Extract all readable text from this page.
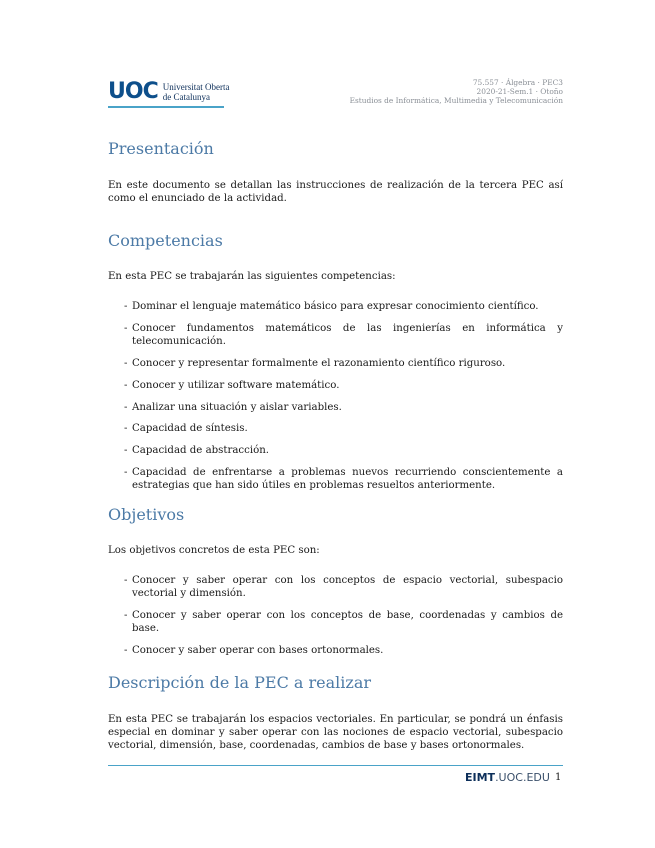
UOC Universitat Oberta
de Catalunya
75.557 · Álgebra · PEC3
2020-21-Sem.1 · Otoño
Estudios de Informática, Multimedia y Telecomunicación
Presentación

En este documento se detallan las instrucciones de realización de la tercera PEC así como el enunciado de la actividad.

Competencias

En esta PEC se trabajarán las siguientes competencias:

- Dominar el lenguaje matemático básico para expresar conocimiento científico.
- Conocer fundamentos matemáticos de las ingenierías en informática y telecomunicación.
- Conocer y representar formalmente el razonamiento científico riguroso.
- Conocer y utilizar software matemático.
- Analizar una situación y aislar variables.
- Capacidad de síntesis.
- Capacidad de abstracción.
- Capacidad de enfrentarse a problemas nuevos recurriendo conscientemente a estrategias que han sido útiles en problemas resueltos anteriormente.
Objetivos

Los objetivos concretos de esta PEC son:

- Conocer y saber operar con los conceptos de espacio vectorial, subespacio vectorial y dimensión.
- Conocer y saber operar con los conceptos de base, coordenadas y cambios de base.
- Conocer y saber operar con bases ortonormales.
Descripción de la PEC a realizar

En esta PEC se trabajarán los espacios vectoriales. En particular, se pondrá un énfasis especial en dominar y saber operar con las nociones de espacio vectorial, subespacio vectorial, dimensión, base, coordenadas, cambios de base y bases ortonormales.

EIMT.UOC.EDU 1
